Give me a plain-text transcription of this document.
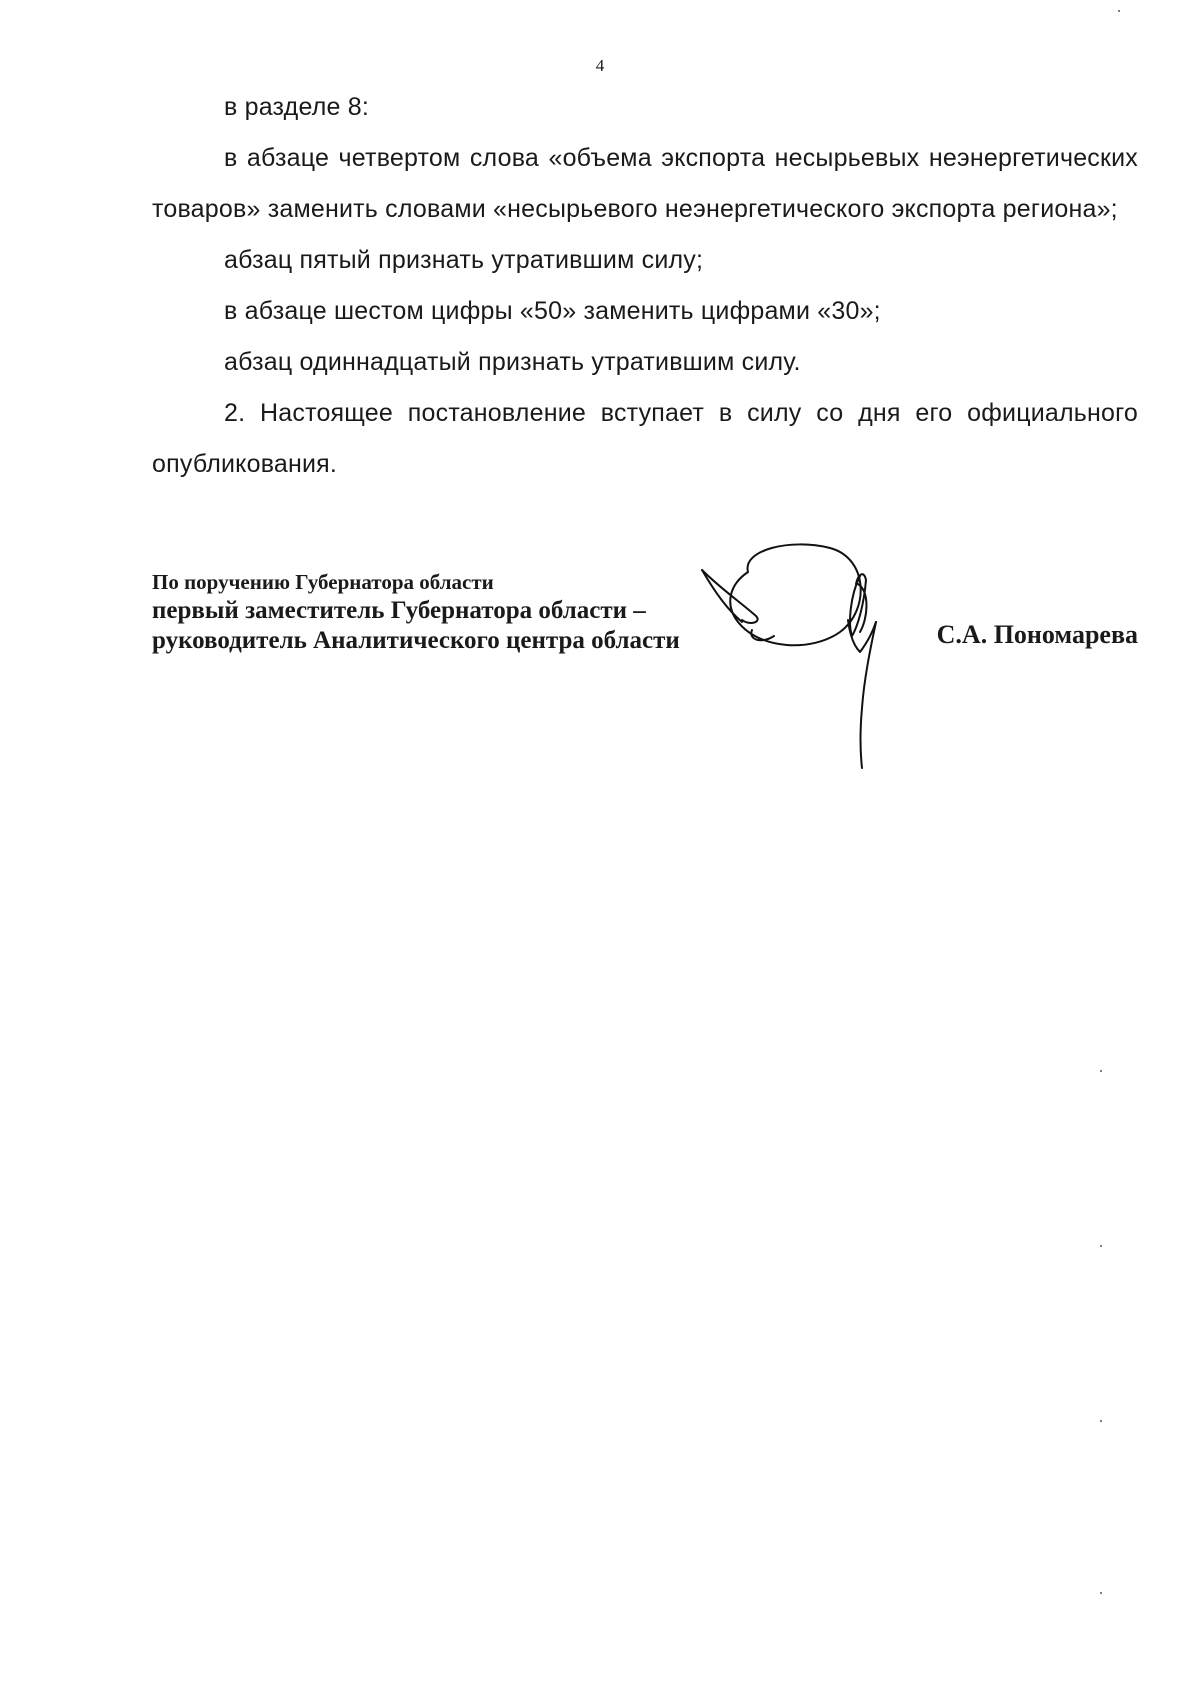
4

в разделе 8:

в абзаце четвертом слова «объема экспорта несырьевых неэнергетических товаров» заменить словами «несырьевого неэнергетического экспорта региона»;

абзац пятый признать утратившим силу;

в абзаце шестом цифры «50» заменить цифрами «30»;

абзац одиннадцатый признать утратившим силу.

2. Настоящее постановление вступает в силу со дня его официального опубликования.

По поручению Губернатора области
первый заместитель Губернатора области –
руководитель Аналитического центра области	С.А. Пономарева
